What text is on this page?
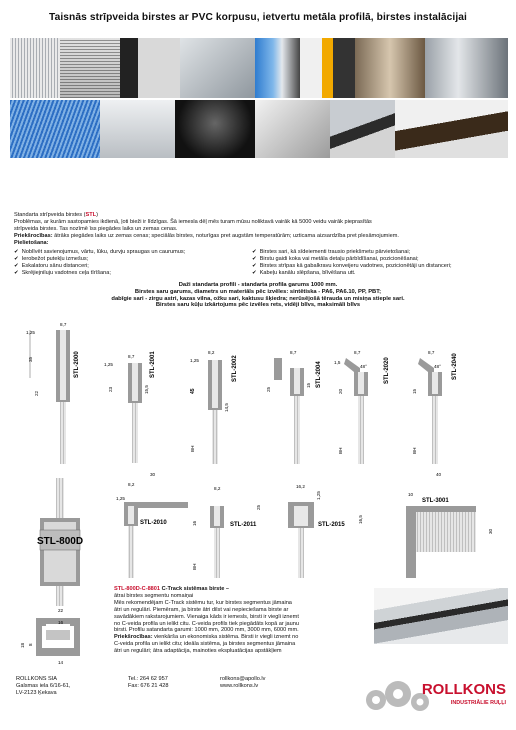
Taisnās strīpveida birstes ar PVC korpusu, ietvertu metāla profilā, birstes instalācijai
Standarta strīpveida birstes (STL)
Problēmas, ar kurām sastopamies ikdienā, ļoti bieži ir līdzīgas. Šā iemesla dēļ mēs turam mūsu noliktavā vairāk kā 5000 veidu vairāk pieprasītās
strīpveida birstes. Tas nozīmē īss piegādes laiks un zemas cenas.
Priekšrocības: ātrāks piegādes laiks uz zemas cenas; speciālās birstes, noturīgas pret augstām temperatūrām; uzticama aizsardzība pret plesāmojumiem.
Pielietošana:
✔ Noblīvēt savienojumus, vārtu, lūku, durvju spraugas un caurumus;
✔ Ierobežot putekļu izmešus;
✔ Eskalatoru sānu distanceri;
✔ Skrējiejniluju vadotnes ceļa tīrīšana;
✔ Birstes sari, kā sīdeiementi trausio priekšmetu pārvietošanai;
✔ Birstu gaidi koka vai metāla detaļu pārbīdīšanai, pozicionēšanai;
✔ Birstes strīpas kā gabalkravu konveijeru vadotnes, pozicionētāji un distanceri;
✔ Kabeļu kanālu slēpšana, blīvēšana utt.
Daži standarta profili - standarta profila garums 1000 mm.
Birstes saru garums, diametrs un materiāls pēc izvēles: sintētiska - PA6, PA6.10, PP, PBT;
dabīgie sari - zirgu astri, kazas vilna, ožku sari, kaktusu šķiedra; nerūsējošā tērauda un misiņa stieple sari.
Birstes saru kūļu izkārtojums pēc izvēles rets, vidēji blīvs, maksimāli blīvs
8,7
1,25
35
22
STL-2000	8,7
1,25
23	15,5
STL-2001	8,2
1,25
45
14,5
BH
STL-2002
8,7
15
25
STL-2004
8,7
1,5
48°
20
BH
STL-2020
8,7
48°
15
BH
STL-2040
STL-800D
22
16
18 8
14
30
8,2
1,25
16
BH
STL-2010
8,2
25
STL-2011
16,2
1,25
16,5
STL-2015
40
10
30
STL-3001
STL-800D-C-8801 C-Track sistēmas birste –
ātrai birstes segmentu nomaiņai
Mēs rekomendējam C-Track sistēmu tur, kur birstes segmentus jāmaina
ātri un regulāri. Piemēram, ja birste ātri dilst vai nepieciešama birste ar
savādākiem rakstarojumiem. Vienaiga kāds ir iemesls, birsti ir viegli iznemt
no C-veida profila un ielikt citu. C-veida profils tiek piegādāts kopā ar jaunu
birsti. Profilu satandarta garumi: 1000 mm, 2000 mm, 3000 mm, 6000 mm.
Priekšrocības: vienkārša un ekonomiska sistēma. Birsti ir viegli iznemt no
C-veida profila un ielikt citu; ideāla sistēma, ja birstes segmentus jāmaina
ātri un regulāri; ātra adaptācija, mainoties ekspluatācijas apstākļiem
ROLLKONS SIA
Galsmas iela 6/16-61,
LV-2123 Ķekava
Tel.: 264 62 957
Fax: 676 21 428
rollkons@apollo.lv
www.rollkons.lv	ROLLKONS
INDUSTRIĀLIE RUĻĻI
